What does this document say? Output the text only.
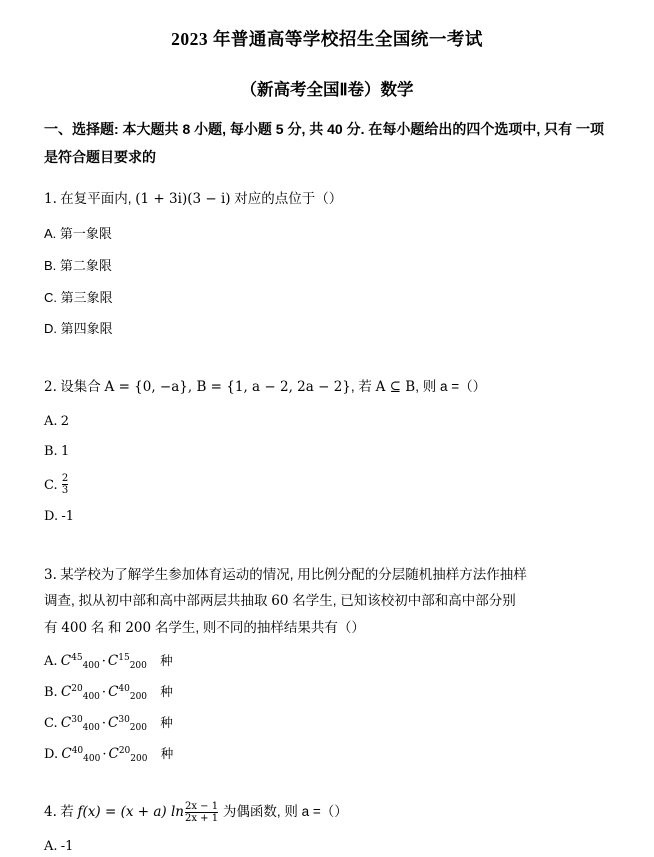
2023 年普通高等学校招生全国统一考试
（新高考全国Ⅱ卷）数学
一、选择题: 本大题共 8 小题, 每小题 5 分, 共 40 分. 在每小题给出的四个选项中, 只有 一项是符合题目要求的
1. 在复平面内, (1 + 3i)(3 − i) 对应的点位于（）
A. 第一象限
B. 第二象限
C. 第三象限
D. 第四象限
2. 设集合 A = {0, −a}, B = {1, a − 2, 2a − 2}, 若 A ⊆ B, 则 a =（）
A. 2
B. 1
C. $\frac{2}{3}$
D. -1
3. 某学校为了解学生参加体育运动的情况, 用比例分配的分层随机抽样方法作抽样
调查, 拟从初中部和高中部两层共抽取 60 名学生, 已知该校初中部和高中部分别
有 400 名 和 200 名学生, 则不同的抽样结果共有（）
A. $C^{45}_{400} \cdot C^{15}_{200}$ 种
B. $C^{20}_{400} \cdot C^{40}_{200}$ 种
C. $C^{30}_{400} \cdot C^{30}_{200}$ 种
D. $C^{40}_{400} \cdot C^{20}_{200}$ 种
4. 若 f(x) = (x + a) $\ln\frac{2x - 1}{2x + 1}$ 为偶函数, 则 a =（）
A. -1
